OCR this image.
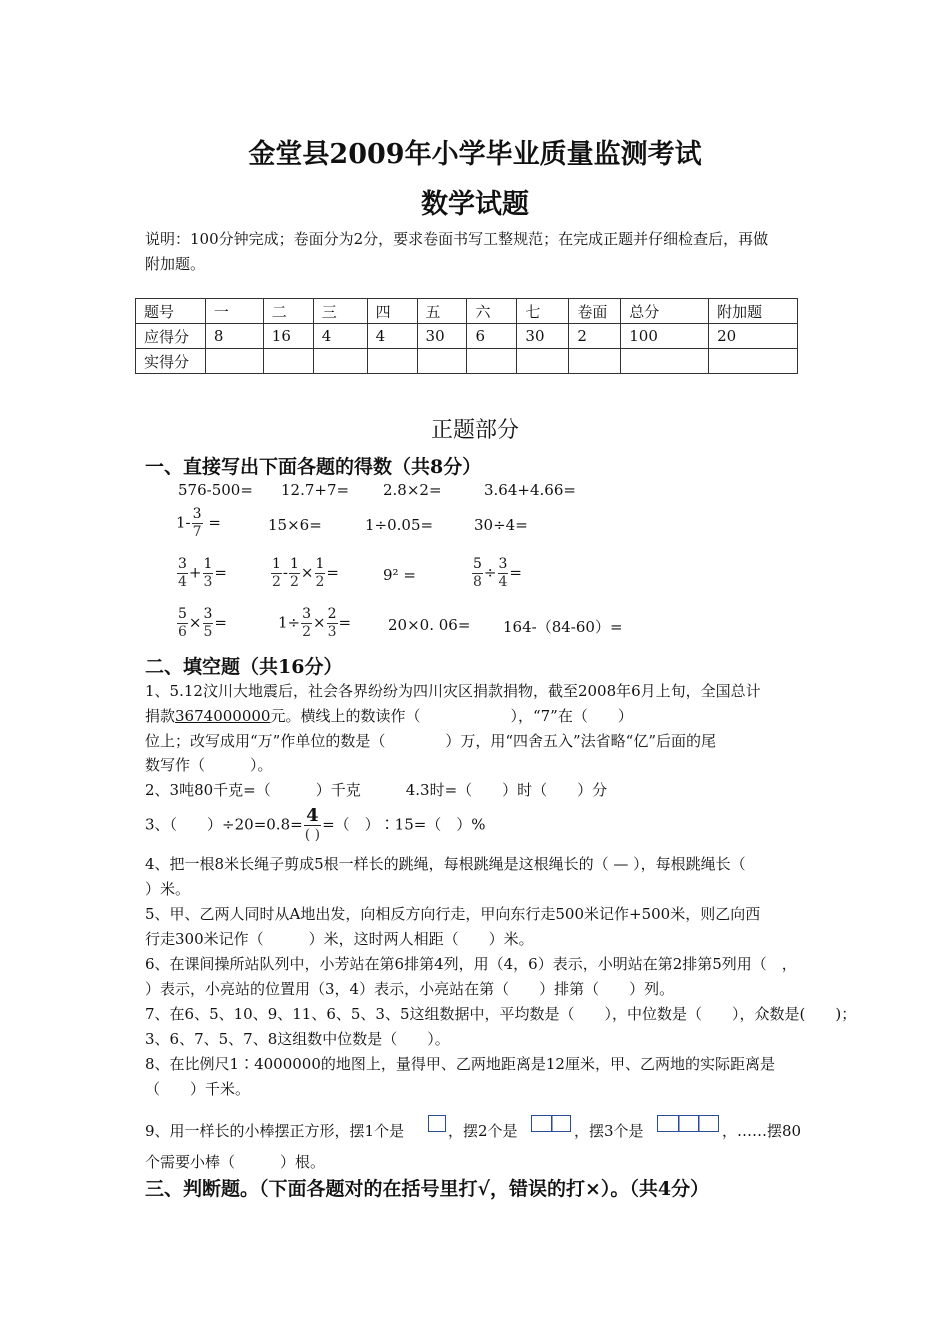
金堂县2009年小学毕业质量监测考试
数学试题
说明：100分钟完成；卷面分为2分，要求卷面书写工整规范；在完成正题并仔细检查后，再做
附加题。
题号	一	二	三	四	五	六	七	卷面	总分	附加题
应得分	8	16	4	4	30	6	30	2	100	20
实得分										
正题部分
一、直接写出下面各题的得数（共8分）
576-500= 12.7+7= 2.8×2=	3.64+4.66=
$1- \frac{3}{7}$ =	15×6=	1÷0.05=	30÷4=
$\frac{3}{4} + \frac{1}{3}$ =	$\frac{1}{2} - \frac{1}{2} \times \frac{1}{2}$ =	9² =	$\frac{5}{8} \div \frac{3}{4}$ =
$\frac{5}{6} \times \frac{3}{5}$ =	$1\div \frac{3}{2} \times \frac{2}{3} = 20\times 0$. 06= 164-（84-60）=
二、填空题（共16分）
1、5.12汶川大地震后，社会各界纷纷为四川灾区捐款捐物，截至2008年6月上旬，全国总计
捐款3674000000元。横线上的数读作（　　　　　　），“7”在（　　）
位上；改写成用“万”作单位的数是（　　　　）万，用“四舍五入”法省略“亿”后面的尾
数写作（　　　）。
2、3吨80千克=（　　　）千克　　　4.3时=（　　）时（　　）分
3、（　　）$\div 20=0.8= \frac{4}{( )}$ =（　）∶15=（　）%
4、把一根8米长绳子剪成5根一样长的跳绳，每根跳绳是这根绳长的（ — ），每根跳绳长（
）米。
5、甲、乙两人同时从A地出发，向相反方向行走，甲向东行走500米记作+500米，则乙向西
行走300米记作（　　　）米，这时两人相距（　　）米。
6、在课间操所站队列中，小芳站在第6排第4列，用（4，6）表示，小明站在第2排第5列用（　，
）表示，小亮站的位置用（3，4）表示，小亮站在第（　　）排第（　　）列。
7、在6、5、10、9、11、6、5、3、5这组数据中，平均数是（　　），中位数是（　　），众数是(　　)；
3、6、7、5、7、8这组数中位数是（　　）。
8、在比例尺1∶4000000的地图上，量得甲、乙两地距离是12厘米，甲、乙两地的实际距离是
（　　）千米。
9、用一样长的小棒摆正方形，摆1个是	，摆2个是	，摆3个是	，……摆80
个需要小棒（　　　）根。
三、判断题。（下面各题对的在括号里打√，错误的打×）。（共4分）
